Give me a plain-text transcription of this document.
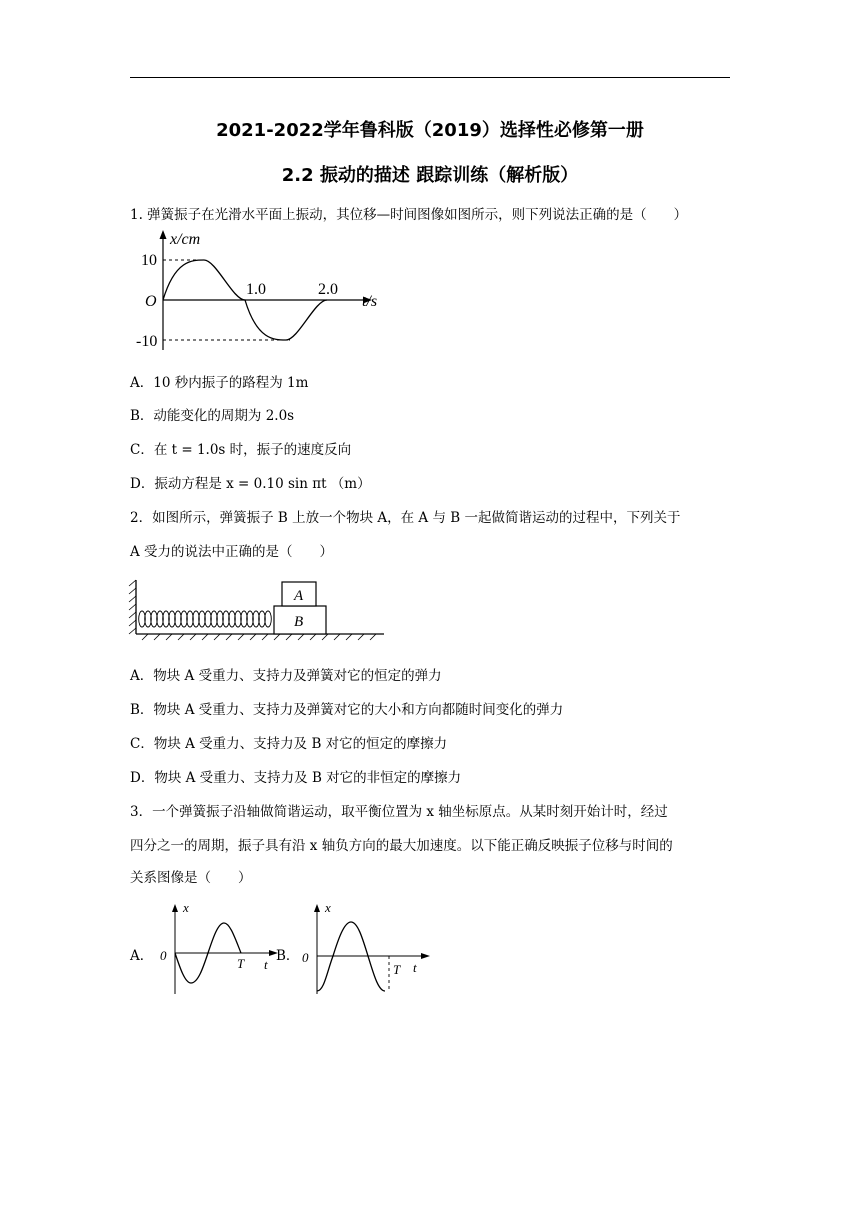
2021-2022学年鲁科版（2019）选择性必修第一册
2.2 振动的描述 跟踪训练（解析版）
1. 弹簧振子在光滑水平面上振动，其位移—时间图像如图所示，则下列说法正确的是（　　）
x/cm
t/s
O
10
-10
1.0	2.0
A．10 秒内振子的路程为 1m
B．动能变化的周期为 2.0s
C．在 t = 1.0s 时，振子的速度反向
D．振动方程是 x = 0.10 sin πt （m）
2．如图所示，弹簧振子 B 上放一个物块 A，在 A 与 B 一起做简谐运动的过程中，下列关于
A 受力的说法中正确的是（　　）
A
B
A．物块 A 受重力、支持力及弹簧对它的恒定的弹力
B．物块 A 受重力、支持力及弹簧对它的大小和方向都随时间变化的弹力
C．物块 A 受重力、支持力及 B 对它的恒定的摩擦力
D．物块 A 受重力、支持力及 B 对它的非恒定的摩擦力
3．一个弹簧振子沿轴做简谐运动，取平衡位置为 x 轴坐标原点。从某时刻开始计时，经过
四分之一的周期，振子具有沿 x 轴负方向的最大加速度。以下能正确反映振子位移与时间的
关系图像是（　　）
A．
x
0
T t
B．
x
0
T t
